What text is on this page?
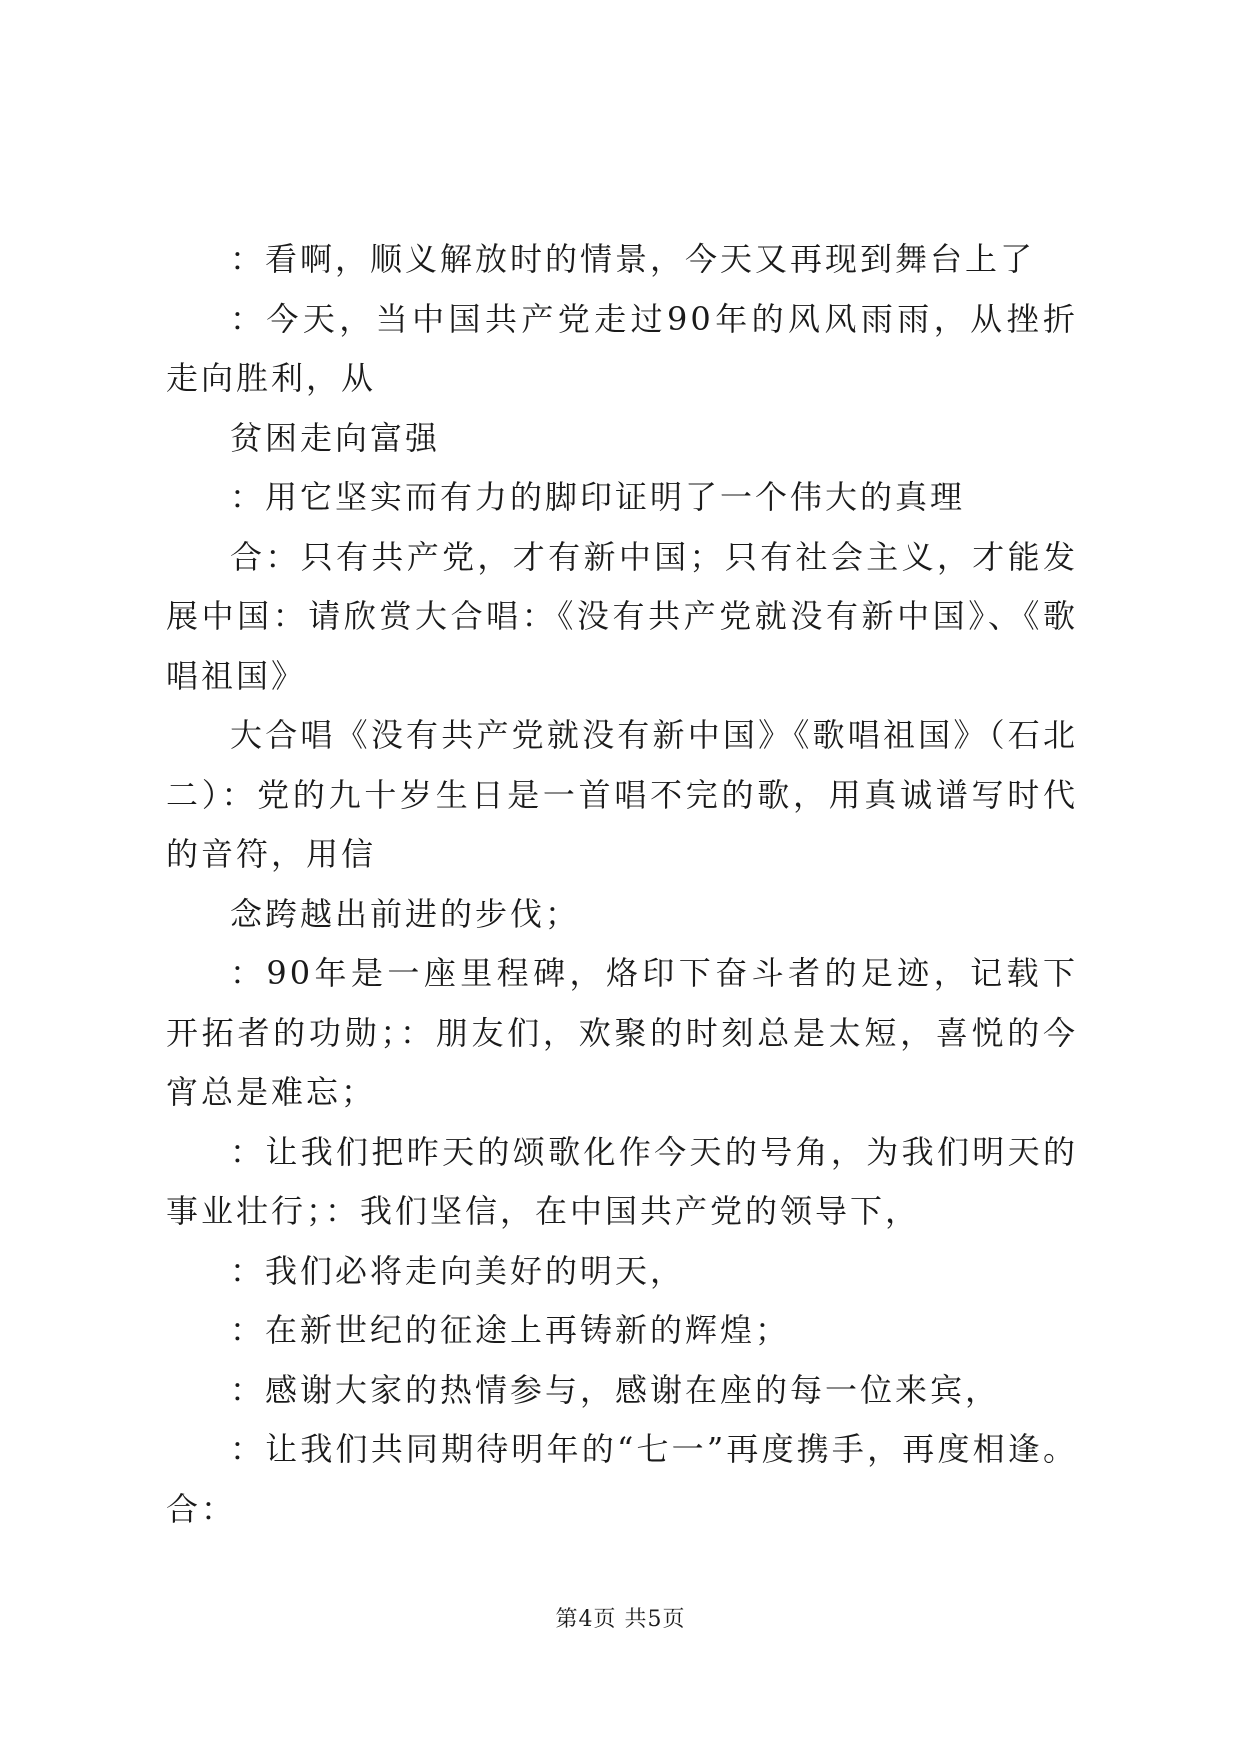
：看啊，顺义解放时的情景，今天又再现到舞台上了

：今天，当中国共产党走过90年的风风雨雨，从挫折走向胜利，从

贫困走向富强

：用它坚实而有力的脚印证明了一个伟大的真理

合：只有共产党，才有新中国；只有社会主义，才能发展中国：请欣赏大合唱：《没有共产党就没有新中国》、《歌唱祖国》

大合唱《没有共产党就没有新中国》《歌唱祖国》（石北二）：党的九十岁生日是一首唱不完的歌，用真诚谱写时代的音符，用信

念跨越出前进的步伐；

：90年是一座里程碑，烙印下奋斗者的足迹，记载下开拓者的功勋；：朋友们，欢聚的时刻总是太短，喜悦的今宵总是难忘；

：让我们把昨天的颂歌化作今天的号角，为我们明天的事业壮行；：我们坚信，在中国共产党的领导下，

：我们必将走向美好的明天，

：在新世纪的征途上再铸新的辉煌；

：感谢大家的热情参与，感谢在座的每一位来宾，

：让我们共同期待明年的“七一”再度携手，再度相逢。合：

第4页 共5页
